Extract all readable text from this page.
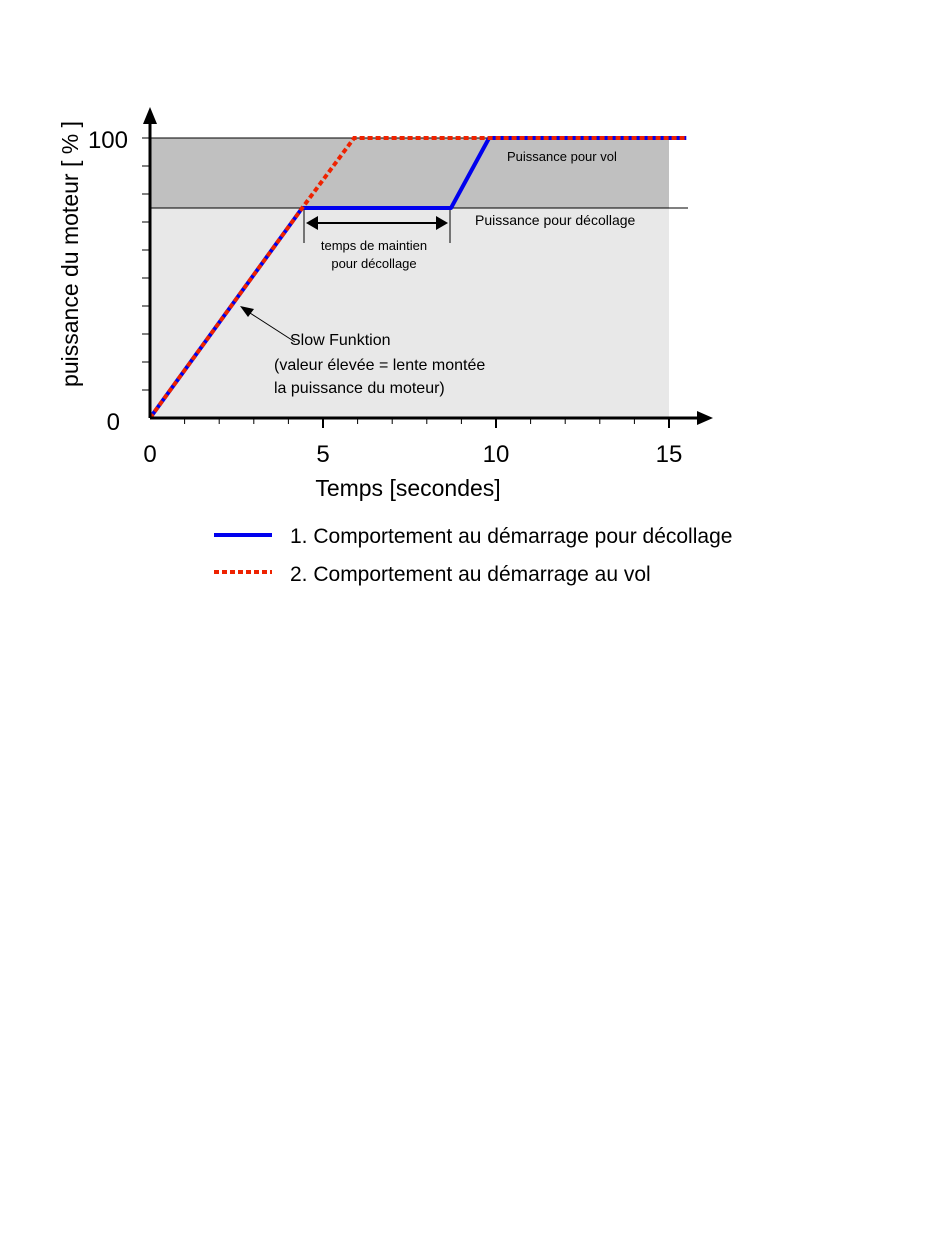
0
100
0	5	10	15
Temps [secondes]
puissance du moteur [ % ]	Puissance pour vol
Puissance pour décollage
temps de maintien
pour décollage
Slow Funktion
(valeur élevée = lente montée
la puissance du moteur)
1. Comportement au démarrage pour décollage
2. Comportement au démarrage au vol
